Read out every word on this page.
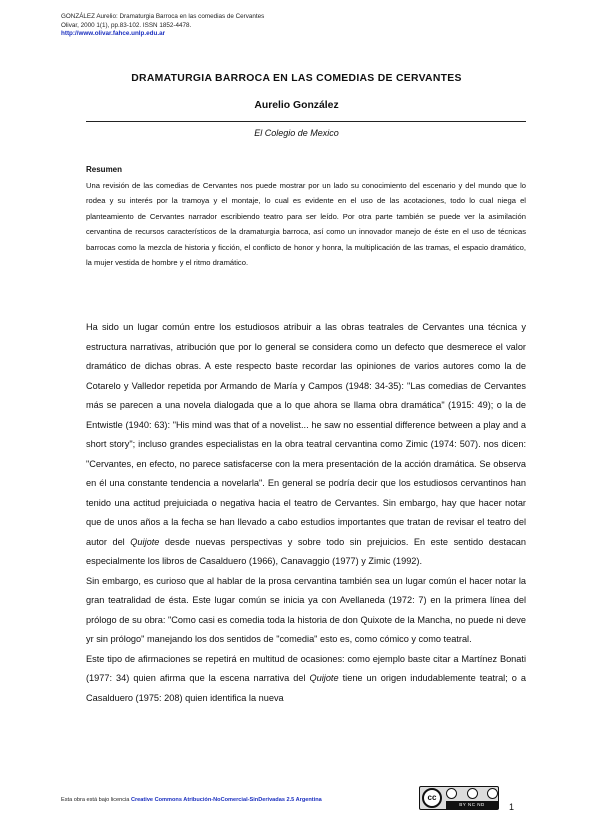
GONZÁLEZ Aurelio: Dramaturgia Barroca en las comedias de Cervantes
Olivar, 2000 1(1), pp.83-102. ISSN 1852-4478.
http://www.olivar.fahce.unlp.edu.ar
DRAMATURGIA BARROCA EN LAS COMEDIAS DE CERVANTES
Aurelio González
El Colegio de Mexico
Resumen
Una revisión de las comedias de Cervantes nos puede mostrar por un lado su conocimiento del escenario y del mundo que lo rodea y su interés por la tramoya y el montaje, lo cual es evidente en el uso de las acotaciones, todo lo cual niega el planteamiento de Cervantes narrador escribiendo teatro para ser leído. Por otra parte también se puede ver la asimilación cervantina de recursos característicos de la dramaturgia barroca, así como un innovador manejo de éste en el uso de técnicas barrocas como la mezcla de historia y ficción, el conflicto de honor y honra, la multiplicación de las tramas, el espacio dramático, la mujer vestida de hombre y el ritmo dramático.

Ha sido un lugar común entre los estudiosos atribuir a las obras teatrales de Cervantes una técnica y estructura narrativas, atribución que por lo general se considera como un defecto que desmerece el valor dramático de dichas obras. A este respecto baste recordar las opiniones de varios autores como la de Cotarelo y Valledor repetida por Armando de María y Campos (1948: 34-35): "Las comedias de Cervantes más se parecen a una novela dialogada que a lo que ahora se llama obra dramática" (1915: 49); o la de Entwistle (1940: 63): "His mind was that of a novelist... he saw no essential difference between a play and a short story"; incluso grandes especialistas en la obra teatral cervantina como Zimic (1974: 507). nos dicen: "Cervantes, en efecto, no parece satisfacerse con la mera presentación de la acción dramática. Se observa en él una constante tendencia a novelarla". En general se podría decir que los estudiosos cervantinos han tenido una actitud prejuiciada o negativa hacia el teatro de Cervantes. Sin embargo, hay que hacer notar que de unos años a la fecha se han llevado a cabo estudios importantes que tratan de revisar el teatro del autor del Quijote desde nuevas perspectivas y sobre todo sin prejuicios. En este sentido destacan especialmente los libros de Casalduero (1966), Canavaggio (1977) y Zimic (1992).

Sin embargo, es curioso que al hablar de la prosa cervantina también sea un lugar común el hacer notar la gran teatralidad de ésta. Este lugar común se inicia ya con Avellaneda (1972: 7) en la primera línea del prólogo de su obra: "Como casi es comedia toda la historia de don Quixote de la Mancha, no puede ni deve yr sin prólogo" manejando los dos sentidos de "comedia" esto es, como cómico y como teatral.

Este tipo de afirmaciones se repetirá en multitud de ocasiones: como ejemplo baste citar a Martínez Bonati (1977: 34) quien afirma que la escena narrativa del Quijote tiene un origen indudablemente teatral; o a Casalduero (1975: 208) quien identifica la nueva

Esta obra está bajo licencia Creative Commons Atribución-NoComercial-SinDerivadas 2.5 Argentina	cc
BY NC ND	1
